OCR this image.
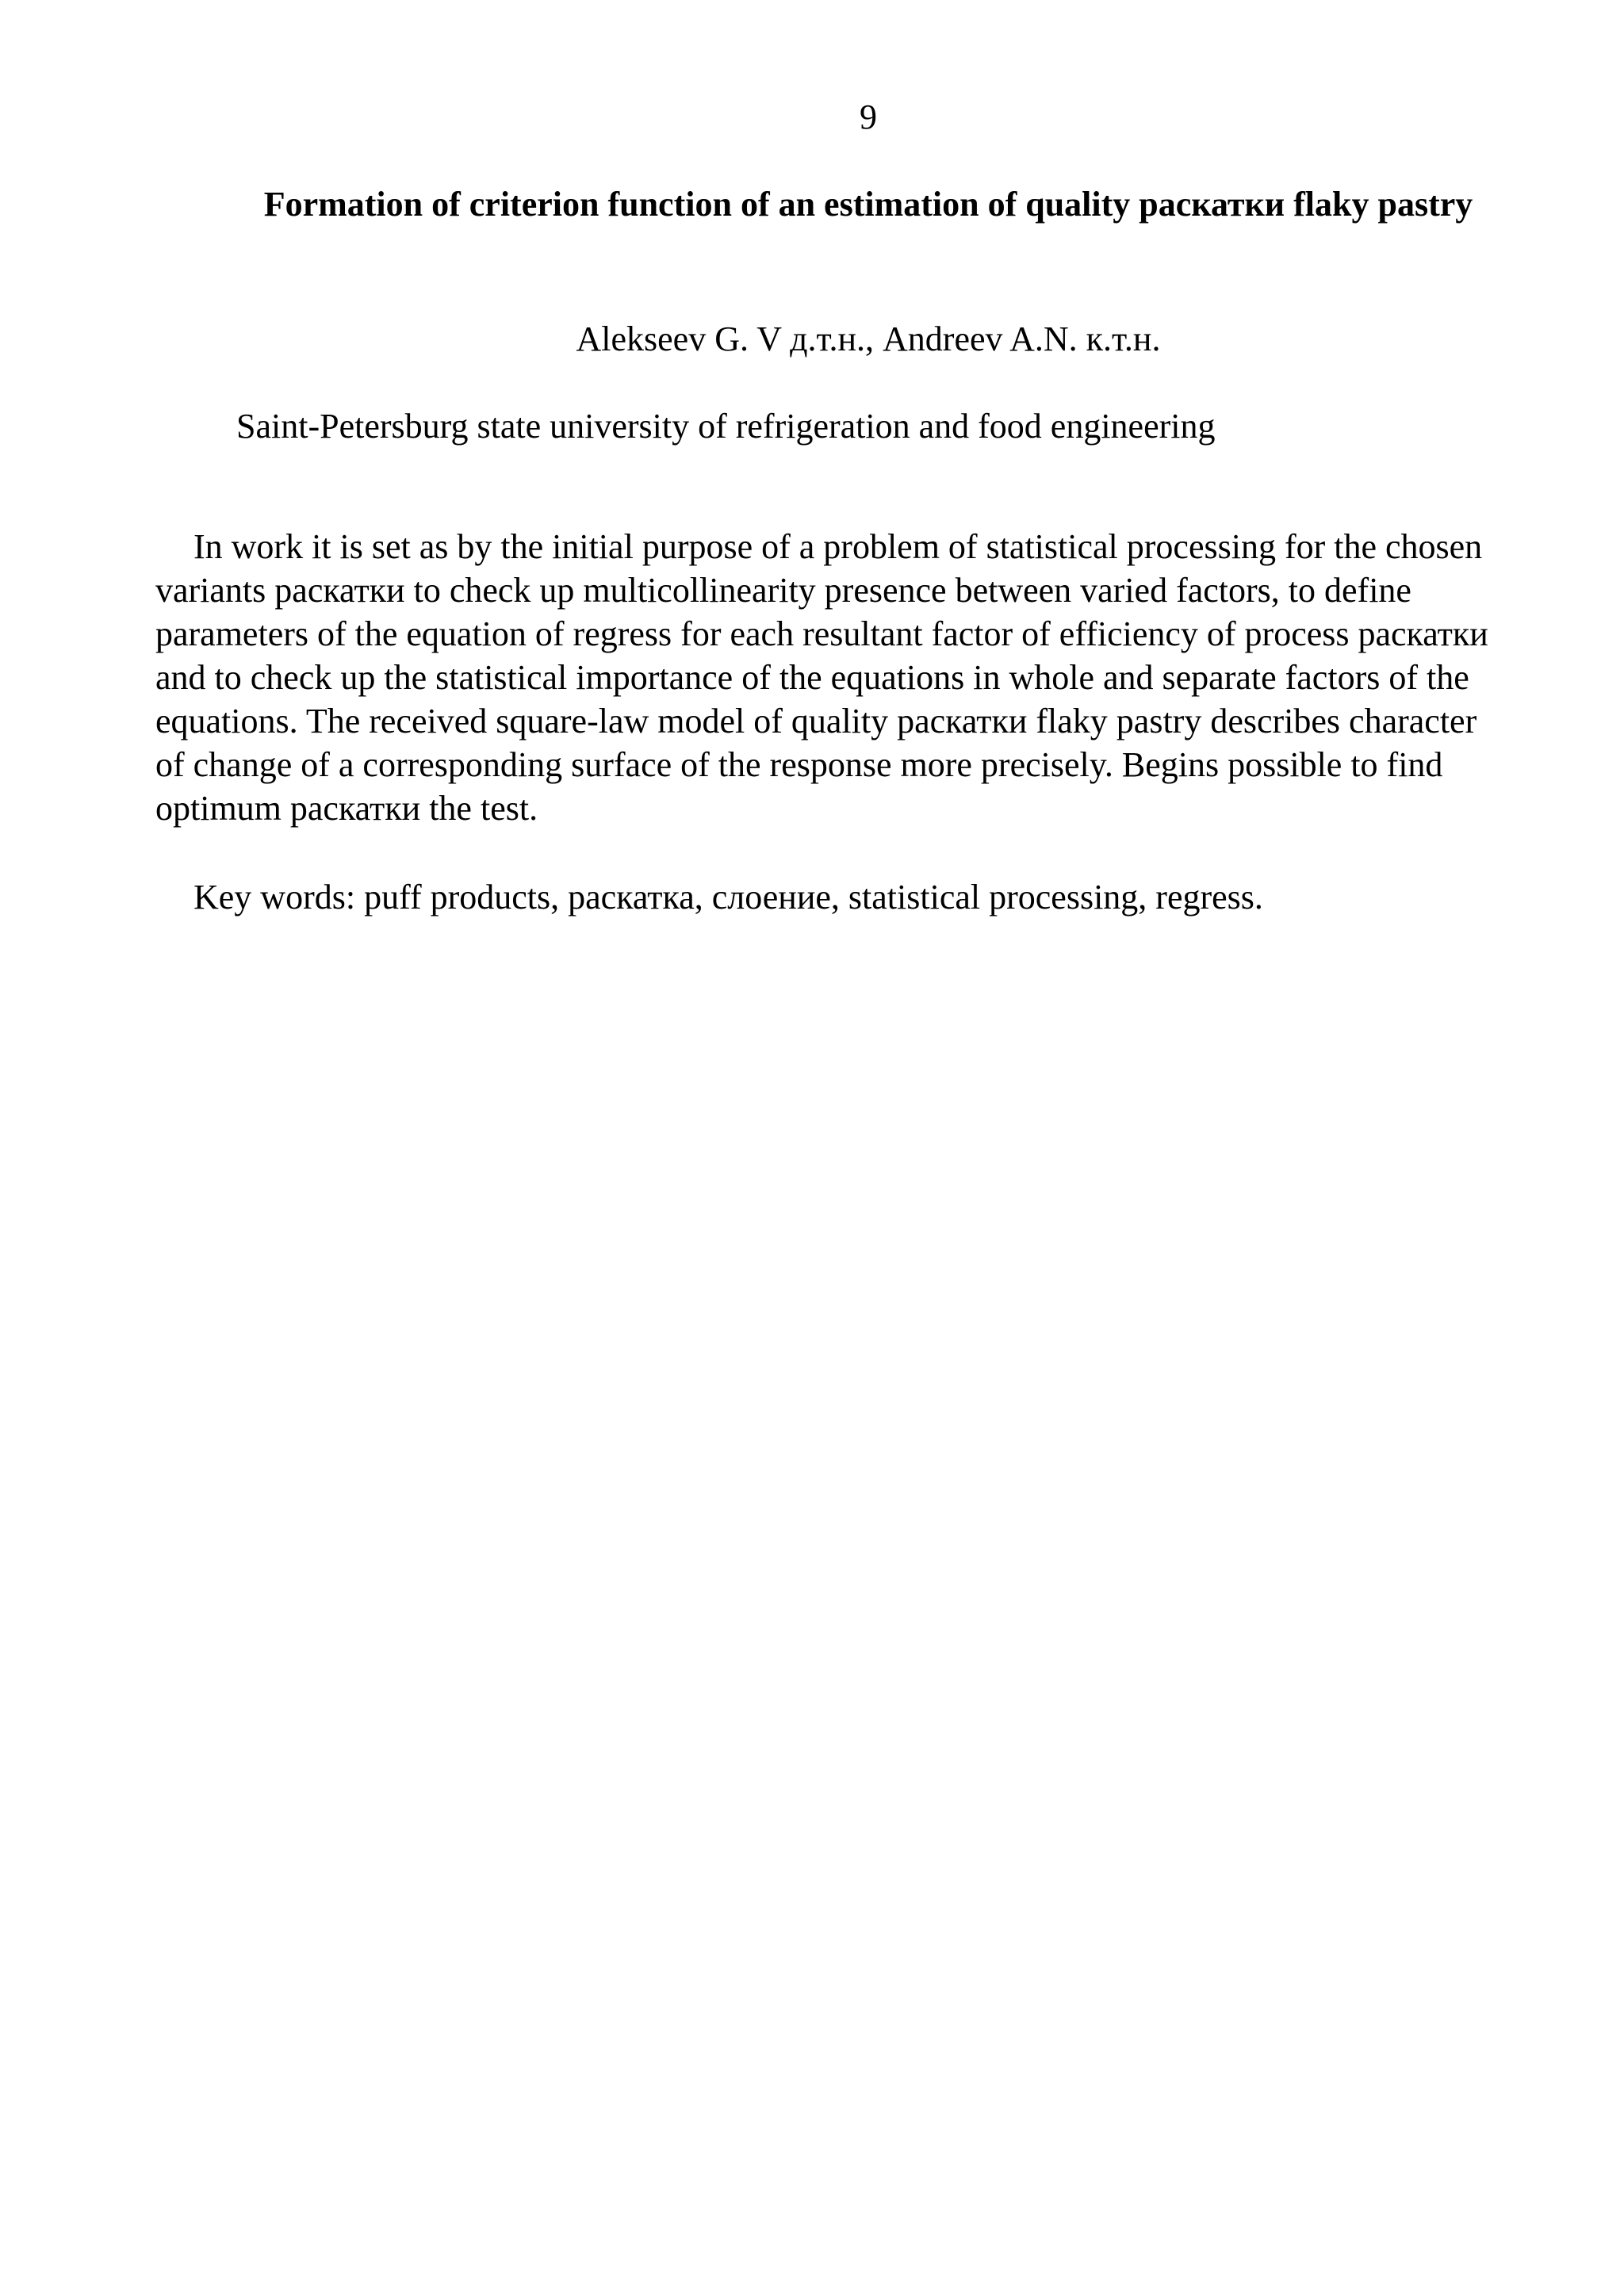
9
Formation of criterion function of an estimation of quality раскатки flaky pastry
Alekseev G. V д.т.н., Andreev A.N. к.т.н.
Saint-Petersburg state university of refrigeration and food engineering

In work it is set as by the initial purpose of a problem of statistical processing for the chosen variants раскатки to check up multicollinearity presence between varied factors, to define parameters of the equation of regress for each resultant factor of efficiency of process раскатки and to check up the statistical importance of the equations in whole and separate factors of the equations. The received square-law model of quality раскатки flaky pastry describes character of change of a corresponding surface of the response more precisely. Begins possible to find optimum раскатки the test.

Key words: puff products, раскатка, слоение, statistical processing, regress.
